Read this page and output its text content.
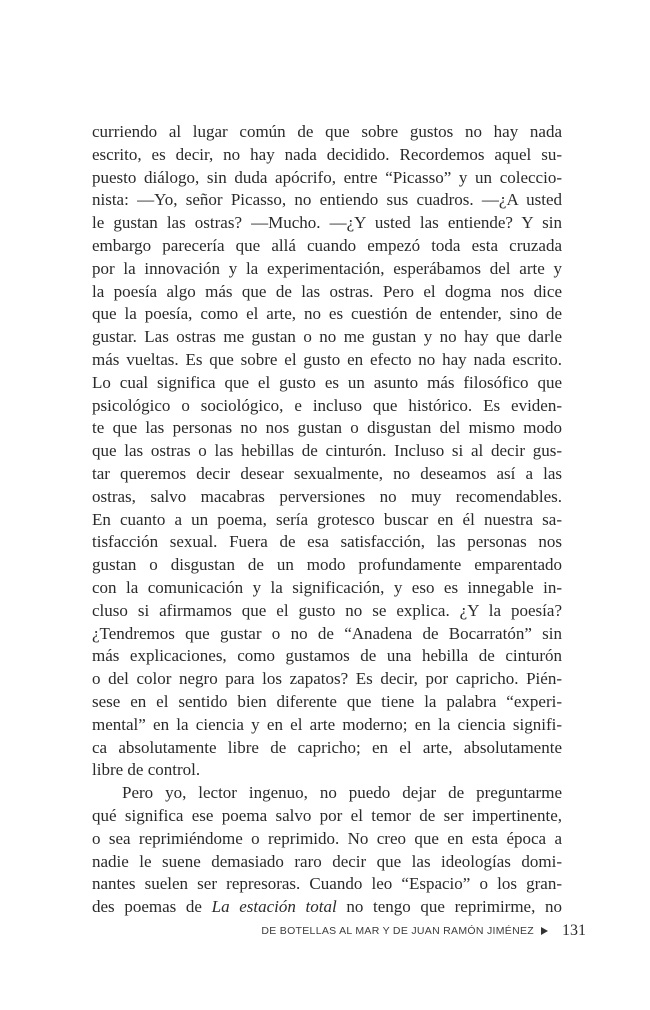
curriendo al lugar común de que sobre gustos no hay nada
escrito, es decir, no hay nada decidido. Recordemos aquel su-
puesto diálogo, sin duda apócrifo, entre “Picasso” y un coleccio-
nista: —Yo, señor Picasso, no entiendo sus cuadros. —¿A usted
le gustan las ostras? —Mucho. —¿Y usted las entiende? Y sin
embargo parecería que allá cuando empezó toda esta cruzada
por la innovación y la experimentación, esperábamos del arte y
la poesía algo más que de las ostras. Pero el dogma nos dice
que la poesía, como el arte, no es cuestión de entender, sino de
gustar. Las ostras me gustan o no me gustan y no hay que darle
más vueltas. Es que sobre el gusto en efecto no hay nada escrito.
Lo cual significa que el gusto es un asunto más filosófico que
psicológico o sociológico, e incluso que histórico. Es eviden-
te que las personas no nos gustan o disgustan del mismo modo
que las ostras o las hebillas de cinturón. Incluso si al decir gus-
tar queremos decir desear sexualmente, no deseamos así a las
ostras, salvo macabras perversiones no muy recomendables.
En cuanto a un poema, sería grotesco buscar en él nuestra sa-
tisfacción sexual. Fuera de esa satisfacción, las personas nos
gustan o disgustan de un modo profundamente emparentado
con la comunicación y la significación, y eso es innegable in-
cluso si afirmamos que el gusto no se explica. ¿Y la poesía?
¿Tendremos que gustar o no de “Anadena de Bocarratón” sin
más explicaciones, como gustamos de una hebilla de cinturón
o del color negro para los zapatos? Es decir, por capricho. Pién-
sese en el sentido bien diferente que tiene la palabra “experi-
mental” en la ciencia y en el arte moderno; en la ciencia signifi-
ca absolutamente libre de capricho; en el arte, absolutamente
libre de control.
Pero yo, lector ingenuo, no puedo dejar de preguntarme
qué significa ese poema salvo por el temor de ser impertinente,
o sea reprimiéndome o reprimido. No creo que en esta época a
nadie le suene demasiado raro decir que las ideologías domi-
nantes suelen ser represoras. Cuando leo “Espacio” o los gran-
des poemas de La estación total no tengo que reprimirme, no
DE BOTELLAS AL MAR Y DE JUAN RAMÓN JIMÉNEZ 131
